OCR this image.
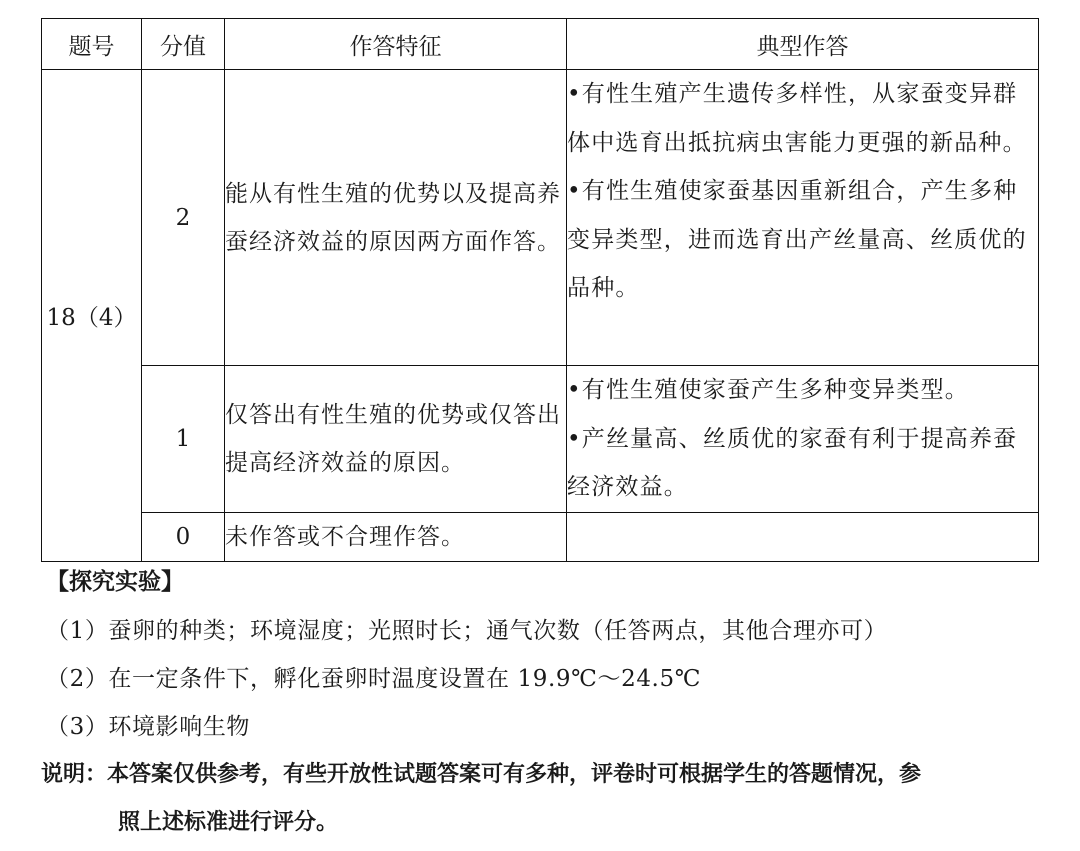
题号	分值	作答特征	典型作答
18（4）	2	能从有性生殖的优势以及提高养蚕经济效益的原因两方面作答。	•有性生殖产生遗传多样性，从家蚕变异群体中选育出抵抗病虫害能力更强的新品种。

•有性生殖使家蚕基因重新组合，产生多种变异类型，进而选育出产丝量高、丝质优的品种。

	1	仅答出有性生殖的优势或仅答出提高经济效益的原因。	•有性生殖使家蚕产生多种变异类型。

•产丝量高、丝质优的家蚕有利于提高养蚕经济效益。

	0	未作答或不合理作答。	

【探究实验】
（1）蚕卵的种类；环境湿度；光照时长；通气次数（任答两点，其他合理亦可）
（2）在一定条件下，孵化蚕卵时温度设置在 19.9℃～24.5℃
（3）环境影响生物
说明：本答案仅供参考，有些开放性试题答案可有多种，评卷时可根据学生的答题情况，参
照上述标准进行评分。
